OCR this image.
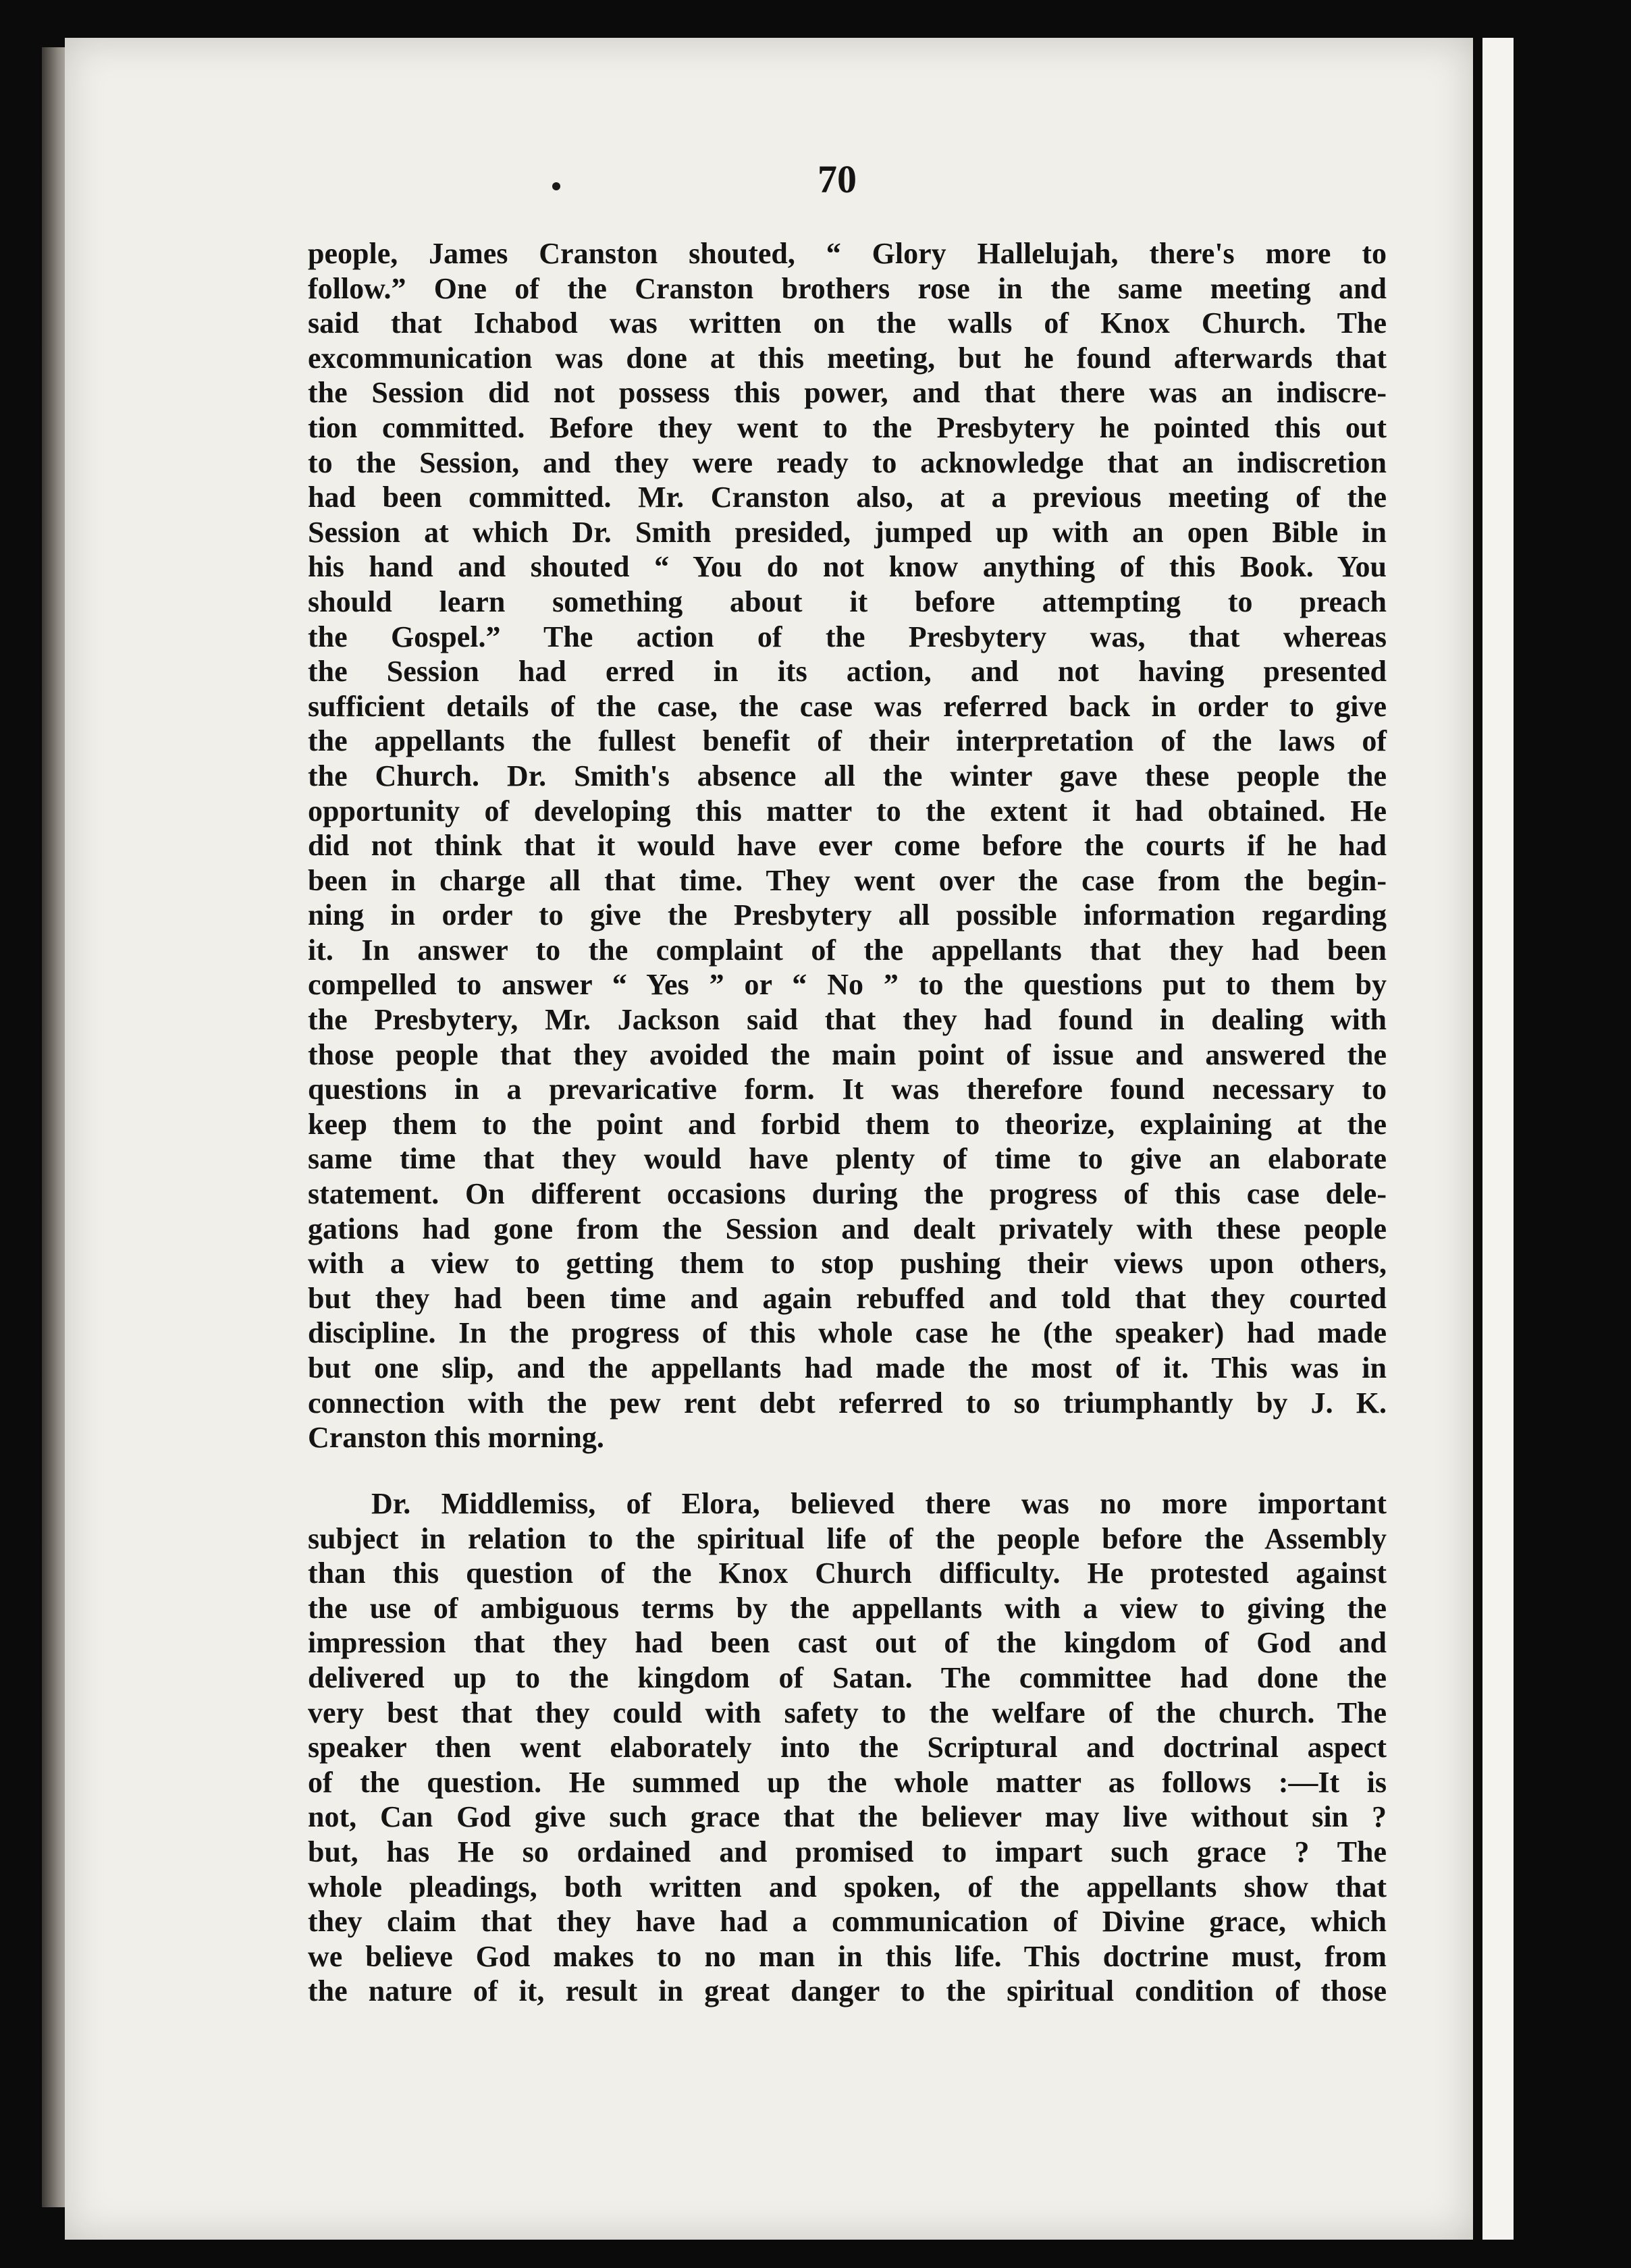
70
people, James Cranston shouted, “ Glory Hallelujah, there's more to
follow.” One of the Cranston brothers rose in the same meeting and
said that Ichabod was written on the walls of Knox Church. The
excommunication was done at this meeting, but he found afterwards that
the Session did not possess this power, and that there was an indiscre-
tion committed. Before they went to the Presbytery he pointed this out
to the Session, and they were ready to acknowledge that an indiscretion
had been committed. Mr. Cranston also, at a previous meeting of the
Session at which Dr. Smith presided, jumped up with an open Bible in
his hand and shouted “ You do not know anything of this Book. You
should learn something about it before attempting to preach
the Gospel.” The action of the Presbytery was, that whereas
the Session had erred in its action, and not having presented
sufficient details of the case, the case was referred back in order to give
the appellants the fullest benefit of their interpretation of the laws of
the Church. Dr. Smith's absence all the winter gave these people the
opportunity of developing this matter to the extent it had obtained. He
did not think that it would have ever come before the courts if he had
been in charge all that time. They went over the case from the begin-
ning in order to give the Presbytery all possible information regarding
it. In answer to the complaint of the appellants that they had been
compelled to answer “ Yes ” or “ No ” to the questions put to them by
the Presbytery, Mr. Jackson said that they had found in dealing with
those people that they avoided the main point of issue and answered the
questions in a prevaricative form. It was therefore found necessary to
keep them to the point and forbid them to theorize, explaining at the
same time that they would have plenty of time to give an elaborate
statement. On different occasions during the progress of this case dele-
gations had gone from the Session and dealt privately with these people
with a view to getting them to stop pushing their views upon others,
but they had been time and again rebuffed and told that they courted
discipline. In the progress of this whole case he (the speaker) had made
but one slip, and the appellants had made the most of it. This was in
connection with the pew rent debt referred to so triumphantly by J. K.
Cranston this morning.
Dr. Middlemiss, of Elora, believed there was no more important
subject in relation to the spiritual life of the people before the Assembly
than this question of the Knox Church difficulty. He protested against
the use of ambiguous terms by the appellants with a view to giving the
impression that they had been cast out of the kingdom of God and
delivered up to the kingdom of Satan. The committee had done the
very best that they could with safety to the welfare of the church. The
speaker then went elaborately into the Scriptural and doctrinal aspect
of the question. He summed up the whole matter as follows :—It is
not, Can God give such grace that the believer may live without sin ?
but, has He so ordained and promised to impart such grace ? The
whole pleadings, both written and spoken, of the appellants show that
they claim that they have had a communication of Divine grace, which
we believe God makes to no man in this life. This doctrine must, from
the nature of it, result in great danger to the spiritual condition of those
